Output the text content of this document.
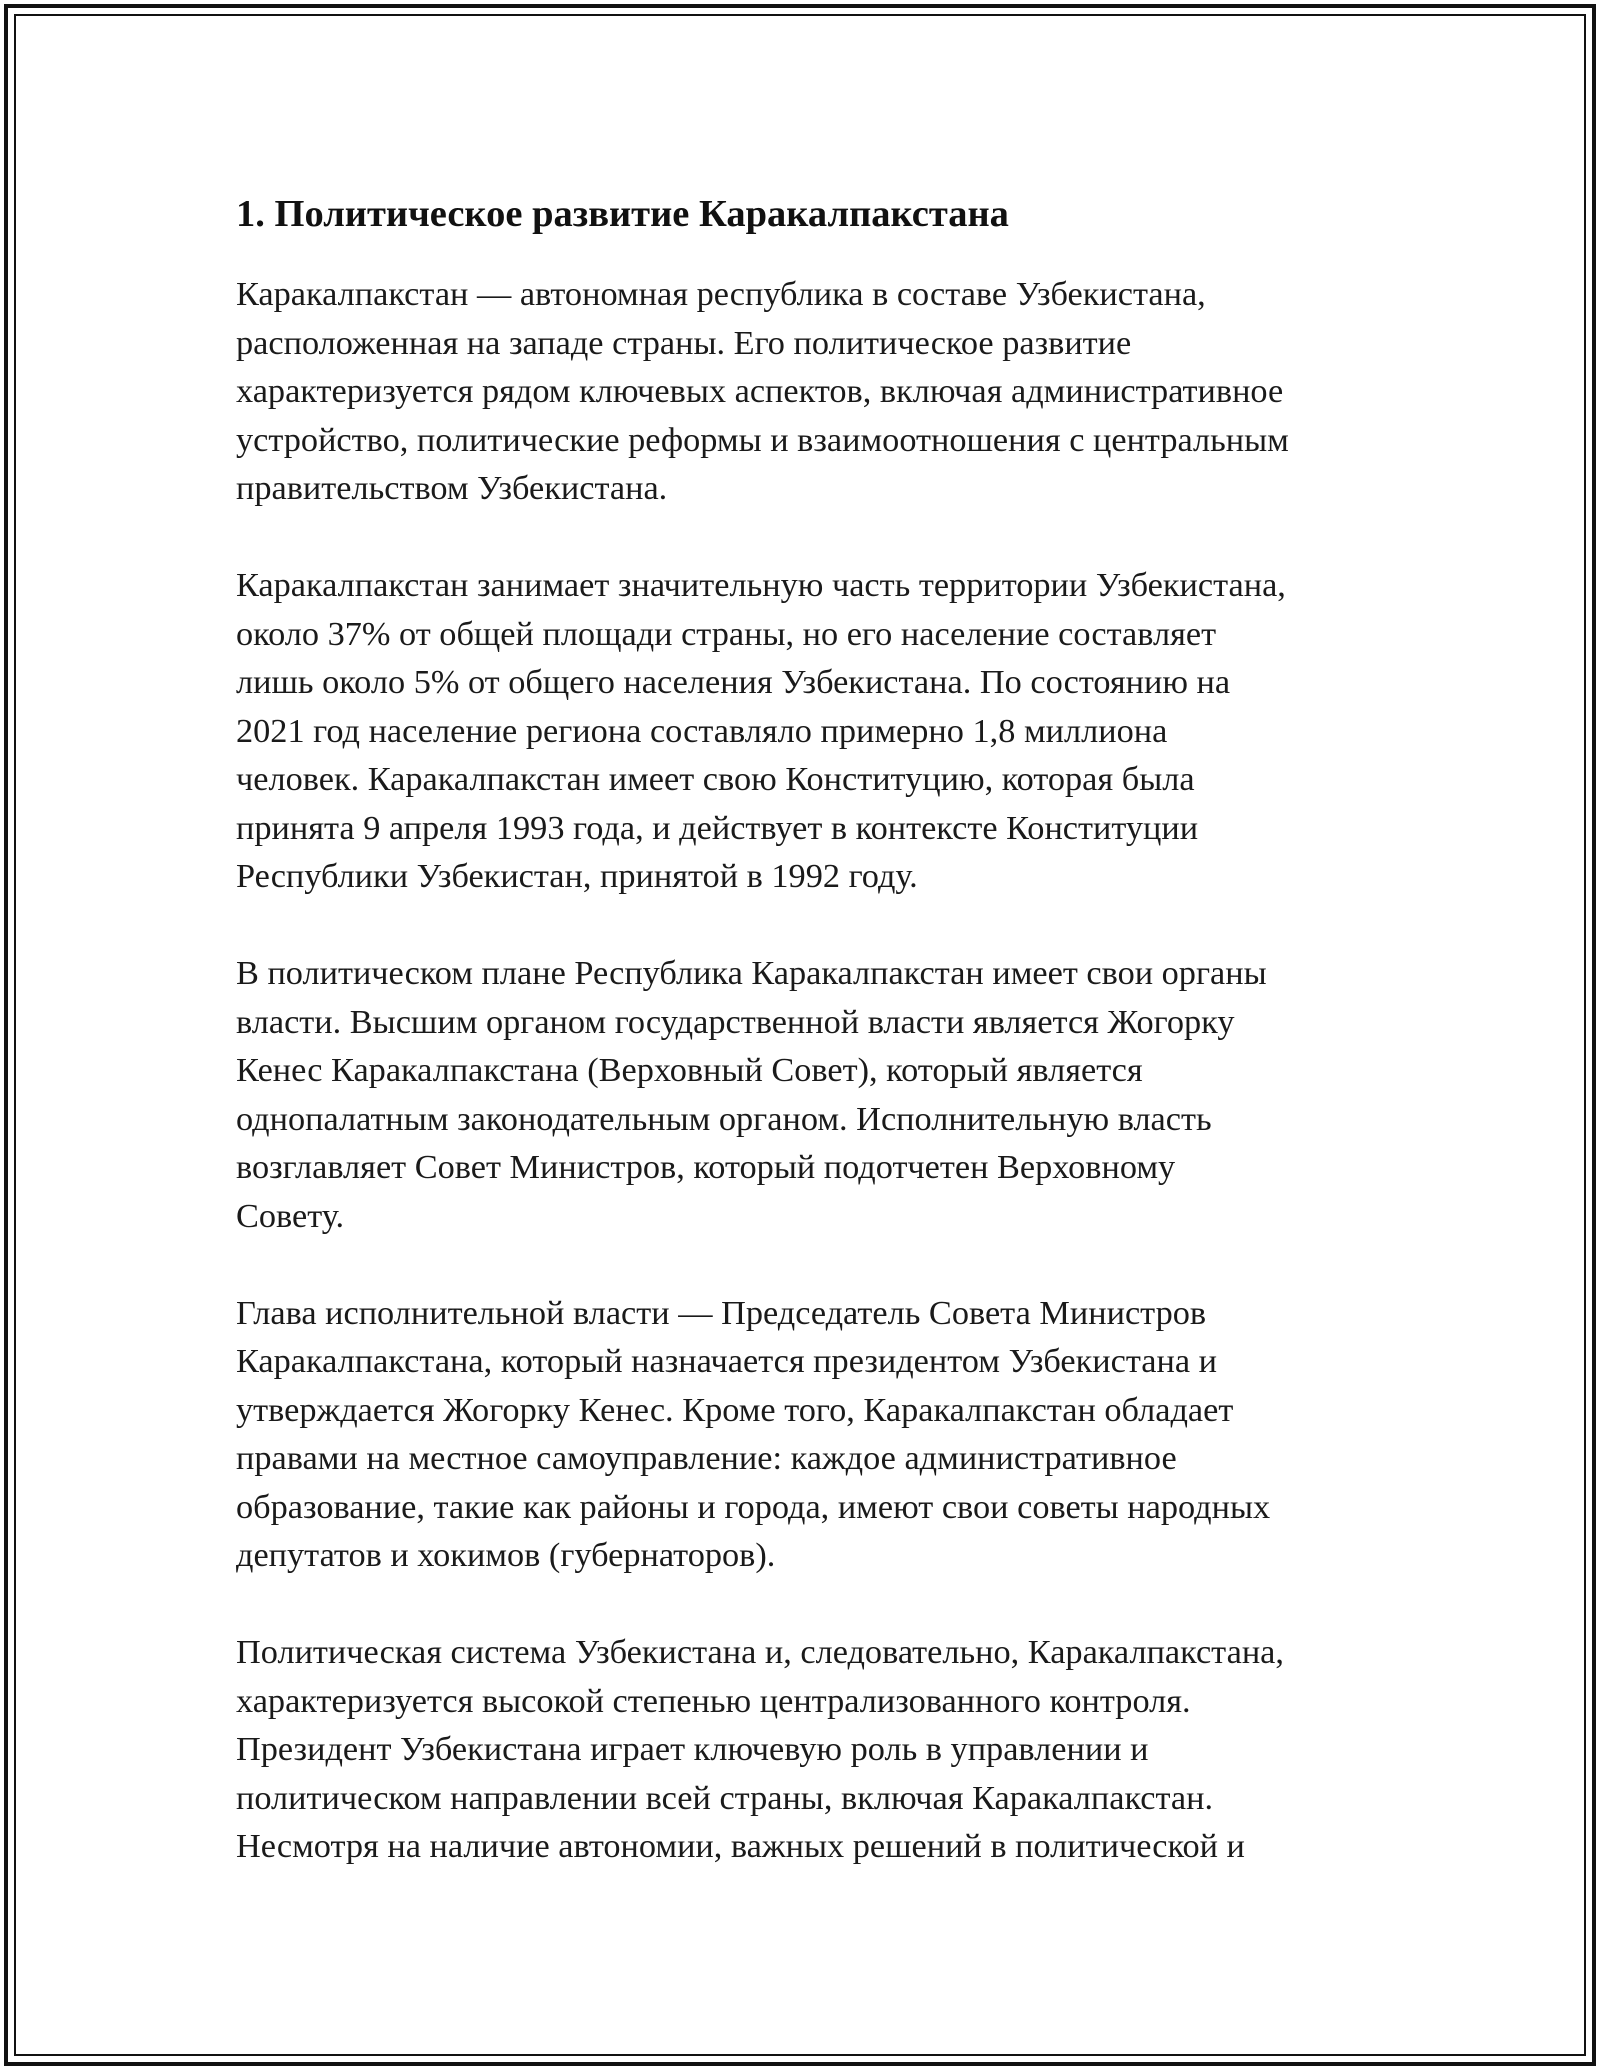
1. Политическое развитие Каракалпакстана

Каракалпакстан — автономная республика в составе Узбекистана,
расположенная на западе страны. Его политическое развитие
характеризуется рядом ключевых аспектов, включая административное
устройство, политические реформы и взаимоотношения с центральным
правительством Узбекистана.

Каракалпакстан занимает значительную часть территории Узбекистана,
около 37% от общей площади страны, но его население составляет
лишь около 5% от общего населения Узбекистана. По состоянию на
2021 год население региона составляло примерно 1,8 миллиона
человек. Каракалпакстан имеет свою Конституцию, которая была
принята 9 апреля 1993 года, и действует в контексте Конституции
Республики Узбекистан, принятой в 1992 году.

В политическом плане Республика Каракалпакстан имеет свои органы
власти. Высшим органом государственной власти является Жогорку
Кенес Каракалпакстана (Верховный Совет), который является
однопалатным законодательным органом. Исполнительную власть
возглавляет Совет Министров, который подотчетен Верховному
Совету.

Глава исполнительной власти — Председатель Совета Министров
Каракалпакстана, который назначается президентом Узбекистана и
утверждается Жогорку Кенес. Кроме того, Каракалпакстан обладает
правами на местное самоуправление: каждое административное
образование, такие как районы и города, имеют свои советы народных
депутатов и хокимов (губернаторов).

Политическая система Узбекистана и, следовательно, Каракалпакстана,
характеризуется высокой степенью централизованного контроля.
Президент Узбекистана играет ключевую роль в управлении и
политическом направлении всей страны, включая Каракалпакстан.
Несмотря на наличие автономии, важных решений в политической и
